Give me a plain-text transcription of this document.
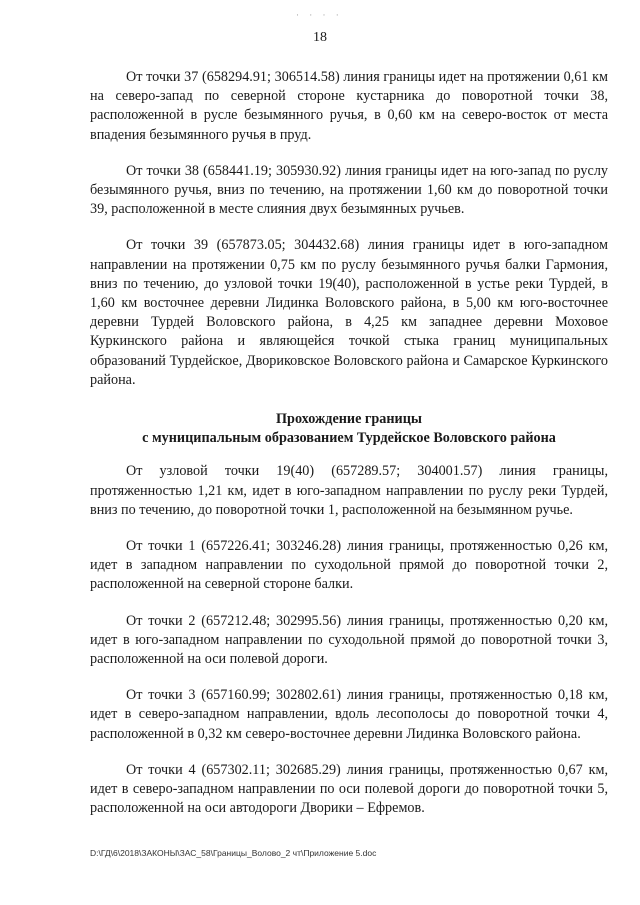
· · · ·
18

От точки 37 (658294.91; 306514.58) линия границы идет на протяжении 0,61 км на северо-запад по северной стороне кустарника до поворотной точки 38, расположенной в русле безымянного ручья, в 0,60 км на северо-восток от места впадения безымянного ручья в пруд.

От точки 38 (658441.19; 305930.92) линия границы идет на юго-запад по руслу безымянного ручья, вниз по течению, на протяжении 1,60 км до поворотной точки 39, расположенной в месте слияния двух безымянных ручьев.

От точки 39 (657873.05; 304432.68) линия границы идет в юго-западном направлении на протяжении 0,75 км по руслу безымянного ручья балки Гармония, вниз по течению, до узловой точки 19(40), расположенной в устье реки Турдей, в 1,60 км восточнее деревни Лидинка Воловского района, в 5,00 км юго-восточнее деревни Турдей Воловского района, в 4,25 км западнее деревни Моховое Куркинского района и являющейся точкой стыка границ муниципальных образований Турдейское, Двориковское Воловского района и Самарское Куркинского района.

Прохождение границы
с муниципальным образованием Турдейское Воловского района

От узловой точки 19(40) (657289.57; 304001.57) линия границы, протяженностью 1,21 км, идет в юго-западном направлении по руслу реки Турдей, вниз по течению, до поворотной точки 1, расположенной на безымянном ручье.

От точки 1 (657226.41; 303246.28) линия границы, протяженностью 0,26 км, идет в западном направлении по суходольной прямой до поворотной точки 2, расположенной на северной стороне балки.

От точки 2 (657212.48; 302995.56) линия границы, протяженностью 0,20 км, идет в юго-западном направлении по суходольной прямой до поворотной точки 3, расположенной на оси полевой дороги.

От точки 3 (657160.99; 302802.61) линия границы, протяженностью 0,18 км, идет в северо-западном направлении, вдоль лесополосы до поворотной точки 4, расположенной в 0,32 км северо-восточнее деревни Лидинка Воловского района.

От точки 4 (657302.11; 302685.29) линия границы, протяженностью 0,67 км, идет в северо-западном направлении по оси полевой дороги до поворотной точки 5, расположенной на оси автодороги Дворики – Ефремов.

D:\ГД\6\2018\ЗАКОНЫ\ЗАС_58\Границы_Волово_2 чт\Приложение 5.doc
